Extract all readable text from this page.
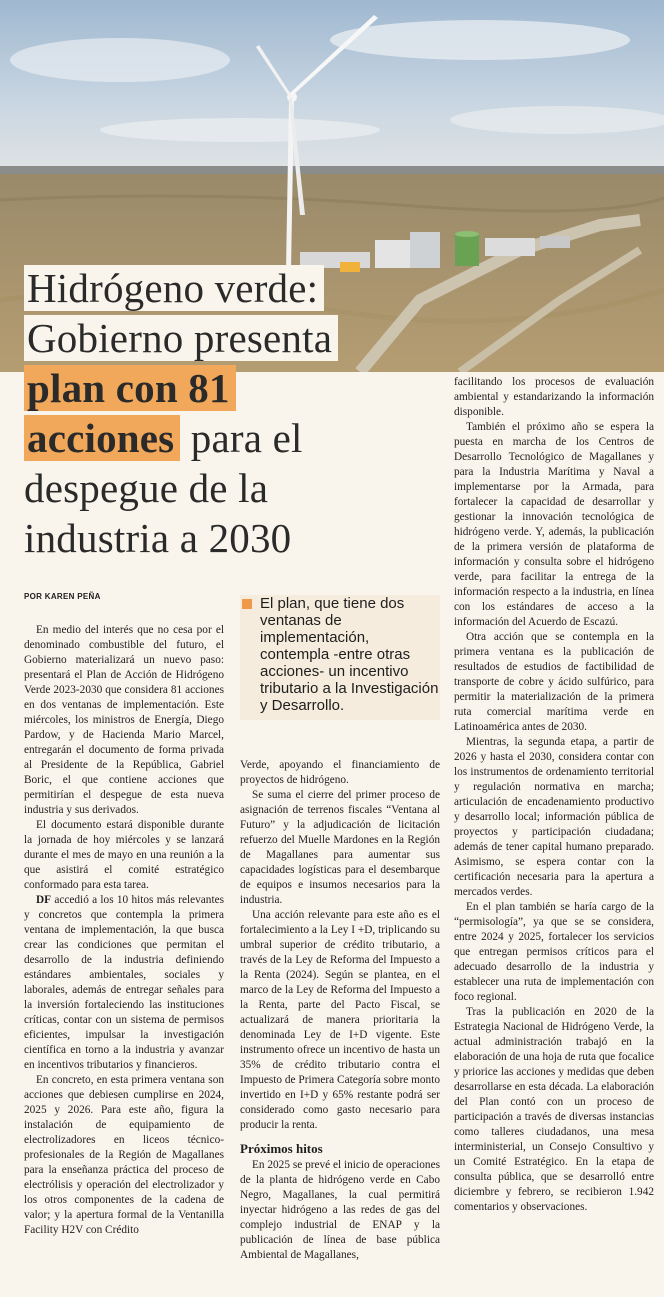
Hidrógeno verde:
Gobierno presenta
plan con 81
acciones para el
despegue de la
industria a 2030
POR KAREN PEÑA	El plan, que tiene dos ventanas de implementación, contempla -entre otras acciones- un incentivo tributario a la Investigación y Desarrollo.

En medio del interés que no cesa por el denominado combustible del futuro, el Gobierno materializará un nuevo paso: presentará el Plan de Acción de Hidrógeno Verde 2023-2030 que considera 81 acciones en dos ventanas de implementación. Este miércoles, los ministros de Energía, Diego Pardow, y de Hacienda Mario Marcel, entregarán el documento de forma privada al Presidente de la República, Gabriel Boric, el que contiene acciones que permitirían el despegue de esta nueva industria y sus derivados.

El documento estará disponible durante la jornada de hoy miércoles y se lanzará durante el mes de mayo en una reunión a la que asistirá el comité estratégico conformado para esta tarea.

DF accedió a los 10 hitos más relevantes y concretos que contempla la primera ventana de implementación, la que busca crear las condiciones que permitan el desarrollo de la industria definiendo estándares ambientales, sociales y laborales, además de entregar señales para la inversión fortaleciendo las instituciones críticas, contar con un sistema de permisos eficientes, impulsar la investigación científica en torno a la industria y avanzar en incentivos tributarios y financieros.

En concreto, en esta primera ventana son acciones que debiesen cumplirse en 2024, 2025 y 2026. Para este año, figura la instalación de equipamiento de electrolizadores en liceos técnico-profesionales de la Región de Magallanes para la enseñanza práctica del proceso de electrólisis y operación del electrolizador y los otros componentes de la cadena de valor; y la apertura formal de la Ventanilla Facility H2V con Crédito

Verde, apoyando el financiamiento de proyectos de hidrógeno.

Se suma el cierre del primer proceso de asignación de terrenos fiscales “Ventana al Futuro” y la adjudicación de licitación refuerzo del Muelle Mardones en la Región de Magallanes para aumentar sus capacidades logísticas para el desembarque de equipos e insumos necesarios para la industria.

Una acción relevante para este año es el fortalecimiento a la Ley I +D, triplicando su umbral superior de crédito tributario, a través de la Ley de Reforma del Impuesto a la Renta (2024). Según se plantea, en el marco de la Ley de Reforma del Impuesto a la Renta, parte del Pacto Fiscal, se actualizará de manera prioritaria la denominada Ley de I+D vigente. Este instrumento ofrece un incentivo de hasta un 35% de crédito tributario contra el Impuesto de Primera Categoría sobre monto invertido en I+D y 65% restante podrá ser considerado como gasto necesario para producir la renta.

Próximos hitos

En 2025 se prevé el inicio de operaciones de la planta de hidrógeno verde en Cabo Negro, Magallanes, la cual permitirá inyectar hidrógeno a las redes de gas del complejo industrial de ENAP y la publicación de línea de base pública Ambiental de Magallanes,

facilitando los procesos de evaluación ambiental y estandarizando la información disponible.

También el próximo año se espera la puesta en marcha de los Centros de Desarrollo Tecnológico de Magallanes y para la Industria Marítima y Naval a implementarse por la Armada, para fortalecer la capacidad de desarrollar y gestionar la innovación tecnológica de hidrógeno verde. Y, además, la publicación de la primera versión de plataforma de información y consulta sobre el hidrógeno verde, para facilitar la entrega de la información respecto a la industria, en línea con los estándares de acceso a la información del Acuerdo de Escazú.

Otra acción que se contempla en la primera ventana es la publicación de resultados de estudios de factibilidad de transporte de cobre y ácido sulfúrico, para permitir la materialización de la primera ruta comercial marítima verde en Latinoamérica antes de 2030.

Mientras, la segunda etapa, a partir de 2026 y hasta el 2030, considera contar con los instrumentos de ordenamiento territorial y regulación normativa en marcha; articulación de encadenamiento productivo y desarrollo local; información pública de proyectos y participación ciudadana; además de tener capital humano preparado. Asimismo, se espera contar con la certificación necesaria para la apertura a mercados verdes.

En el plan también se haría cargo de la “permisología”, ya que se se considera, entre 2024 y 2025, fortalecer los servicios que entregan permisos críticos para el adecuado desarrollo de la industria y establecer una ruta de implementación con foco regional.

Tras la publicación en 2020 de la Estrategia Nacional de Hidrógeno Verde, la actual administración trabajó en la elaboración de una hoja de ruta que focalice y priorice las acciones y medidas que deben desarrollarse en esta década. La elaboración del Plan contó con un proceso de participación a través de diversas instancias como talleres ciudadanos, una mesa interministerial, un Consejo Consultivo y un Comité Estratégico. En la etapa de consulta pública, que se desarrolló entre diciembre y febrero, se recibieron 1.942 comentarios y observaciones.
